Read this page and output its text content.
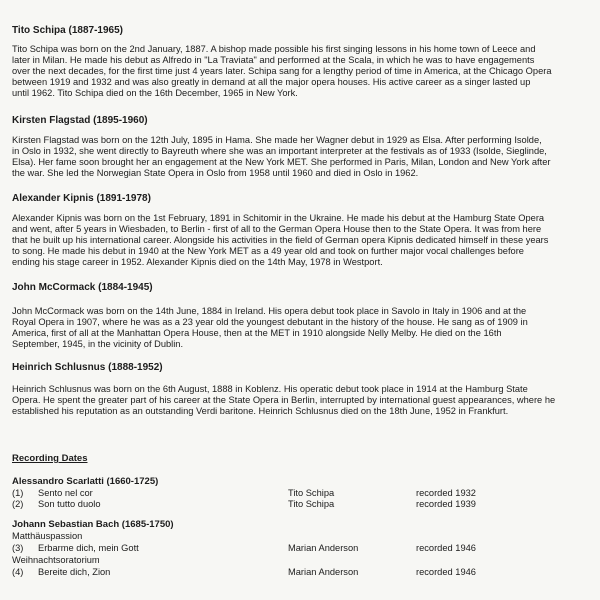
Tito Schipa (1887-1965)

Tito Schipa was born on the 2nd January, 1887. A bishop made possible his first singing lessons in his home town of Leece and
later in Milan. He made his debut as Alfredo in "La Traviata" and performed at the Scala, in which he was to have engagements
over the next decades, for the first time just 4 years later. Schipa sang for a lengthy period of time in America, at the Chicago Opera
between 1919 and 1932 and was also greatly in demand at all the major opera houses. His active career as a singer lasted up
until 1962. Tito Schipa died on the 16th December, 1965 in New York.

Kirsten Flagstad (1895-1960)

Kirsten Flagstad was born on the 12th July, 1895 in Hama. She made her Wagner debut in 1929 as Elsa. After performing Isolde,
in Oslo in 1932, she went directly to Bayreuth where she was an important interpreter at the festivals as of 1933 (Isolde, Sieglinde,
Elsa). Her fame soon brought her an engagement at the New York MET. She performed in Paris, Milan, London and New York after
the war. She led the Norwegian State Opera in Oslo from 1958 until 1960 and died in Oslo in 1962.

Alexander Kipnis (1891-1978)

Alexander Kipnis was born on the 1st February, 1891 in Schitomir in the Ukraine. He made his debut at the Hamburg State Opera
and went, after 5 years in Wiesbaden, to Berlin - first of all to the German Opera House then to the State Opera. It was from here
that he built up his international career. Alongside his activities in the field of German opera Kipnis dedicated himself in these years
to song. He made his debut in 1940 at the New York MET as a 49 year old and took on further major vocal challenges before
ending his stage career in 1952. Alexander Kipnis died on the 14th May, 1978 in Westport.

John McCormack (1884-1945)

John McCormack was born on the 14th June, 1884 in Ireland. His opera debut took place in Savolo in Italy in 1906 and at the
Royal Opera in 1907, where he was as a 23 year old the youngest debutant in the history of the house. He sang as of 1909 in
America, first of all at the Manhattan Opera House, then at the MET in 1910 alongside Nelly Melby. He died on the 16th
September, 1945, in the vicinity of Dublin.

Heinrich Schlusnus (1888-1952)

Heinrich Schlusnus was born on the 6th August, 1888 in Koblenz. His operatic debut took place in 1914 at the Hamburg State
Opera. He spent the greater part of his career at the State Opera in Berlin, interrupted by international guest appearances, where he
established his reputation as an outstanding Verdi baritone. Heinrich Schlusnus died on the 18th June, 1952 in Frankfurt.

Recording Dates
Alessandro Scarlatti (1660-1725)
(1) Sento nel cor	Tito Schipa	recorded 1932
(2) Son tutto duolo	Tito Schipa	recorded 1939
Johann Sebastian Bach (1685-1750)
Matthäuspassion
(3) Erbarme dich, mein Gott	Marian Anderson	recorded 1946
Weihnachtsoratorium
(4) Bereite dich, Zion	Marian Anderson	recorded 1946
